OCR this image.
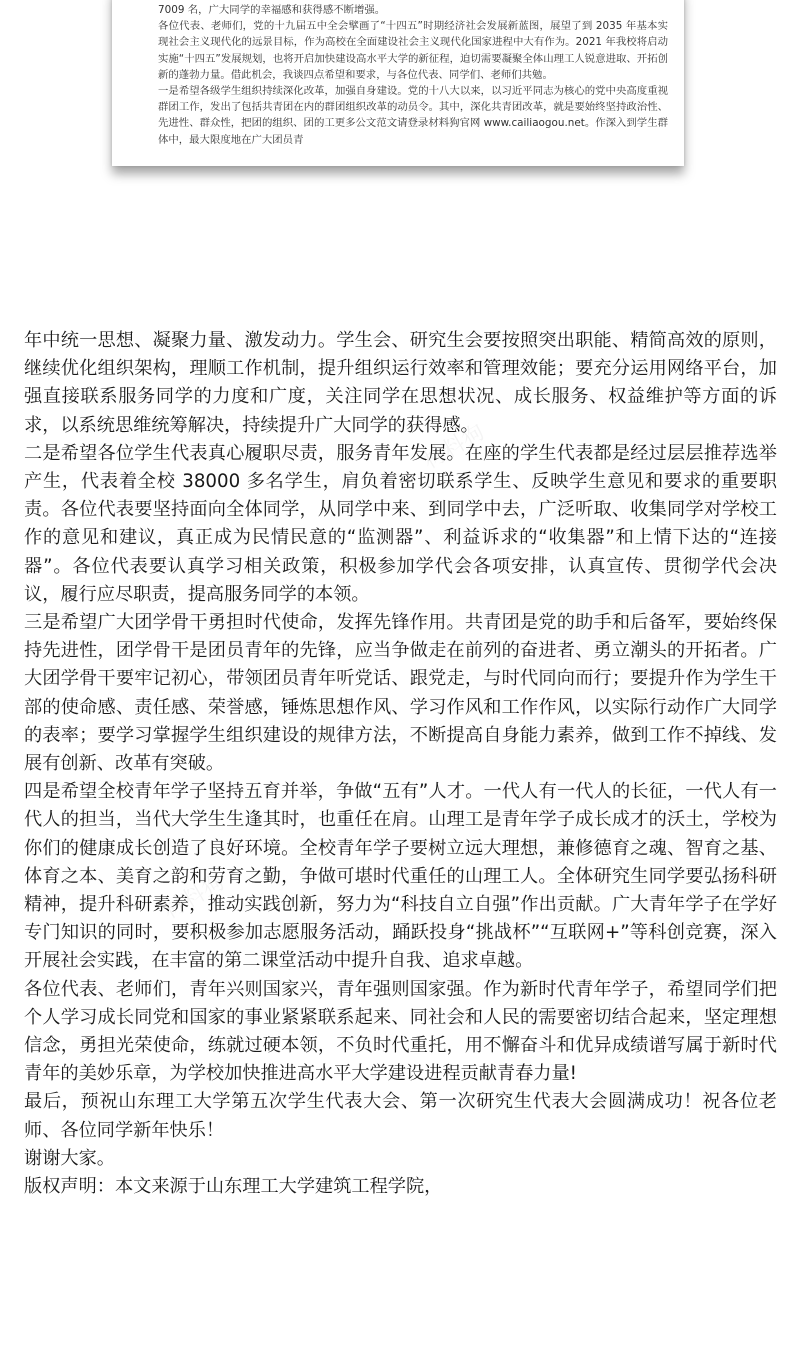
7009 名，广大同学的幸福感和获得感不断增强。

各位代表、老师们，党的十九届五中全会擘画了“十四五”时期经济社会发展新蓝图，展望了到 2035 年基本实现社会主义现代化的远景目标，作为高校在全面建设社会主义现代化国家进程中大有作为。2021 年我校将启动实施“十四五”发展规划，也将开启加快建设高水平大学的新征程，迫切需要凝聚全体山理工人锐意进取、开拓创新的蓬勃力量。借此机会，我谈四点希望和要求，与各位代表、同学们、老师们共勉。

一是希望各级学生组织持续深化改革，加强自身建设。党的十八大以来，以习近平同志为核心的党中央高度重视群团工作，发出了包括共青团在内的群团组织改革的动员令。其中，深化共青团改革，就是要始终坚持政治性、先进性、群众性，把团的组织、团的工更多公文范文请登录材料狗官网 www.cailiaogou.net。作深入到学生群体中，最大限度地在广大团员青

年中统一思想、凝聚力量、激发动力。学生会、研究生会要按照突出职能、精简高效的原则，继续优化组织架构，理顺工作机制，提升组织运行效率和管理效能；要充分运用网络平台，加强直接联系服务同学的力度和广度，关注同学在思想状况、成长服务、权益维护等方面的诉求，以系统思维统筹解决，持续提升广大同学的获得感。

二是希望各位学生代表真心履职尽责，服务青年发展。在座的学生代表都是经过层层推荐选举产生，代表着全校 38000 多名学生，肩负着密切联系学生、反映学生意见和要求的重要职责。各位代表要坚持面向全体同学，从同学中来、到同学中去，广泛听取、收集同学对学校工作的意见和建议，真正成为民情民意的“监测器”、利益诉求的“收集器”和上情下达的“连接器”。各位代表要认真学习相关政策，积极参加学代会各项安排，认真宣传、贯彻学代会决议，履行应尽职责，提高服务同学的本领。

三是希望广大团学骨干勇担时代使命，发挥先锋作用。共青团是党的助手和后备军，要始终保持先进性，团学骨干是团员青年的先锋，应当争做走在前列的奋进者、勇立潮头的开拓者。广大团学骨干要牢记初心，带领团员青年听党话、跟党走，与时代同向而行；要提升作为学生干部的使命感、责任感、荣誉感，锤炼思想作风、学习作风和工作作风，以实际行动作广大同学的表率；要学习掌握学生组织建设的规律方法，不断提高自身能力素养，做到工作不掉线、发展有创新、改革有突破。

四是希望全校青年学子坚持五育并举，争做“五有”人才。一代人有一代人的长征，一代人有一代人的担当，当代大学生生逢其时，也重任在肩。山理工是青年学子成长成才的沃土，学校为你们的健康成长创造了良好环境。全校青年学子要树立远大理想，兼修德育之魂、智育之基、体育之本、美育之韵和劳育之勤，争做可堪时代重任的山理工人。全体研究生同学要弘扬科研精神，提升科研素养，推动实践创新，努力为“科技自立自强”作出贡献。广大青年学子在学好专门知识的同时，要积极参加志愿服务活动，踊跃投身“挑战杯”“互联网+”等科创竞赛，深入开展社会实践，在丰富的第二课堂活动中提升自我、追求卓越。

各位代表、老师们，青年兴则国家兴，青年强则国家强。作为新时代青年学子，希望同学们把个人学习成长同党和国家的事业紧紧联系起来、同社会和人民的需要密切结合起来，坚定理想信念，勇担光荣使命，练就过硬本领，不负时代重托，用不懈奋斗和优异成绩谱写属于新时代青年的美妙乐章，为学校加快推进高水平大学建设进程贡献青春力量!

最后，预祝山东理工大学第五次学生代表大会、第一次研究生代表大会圆满成功！祝各位老师、各位同学新年快乐！

谢谢大家。

版权声明：本文来源于山东理工大学建筑工程学院，
